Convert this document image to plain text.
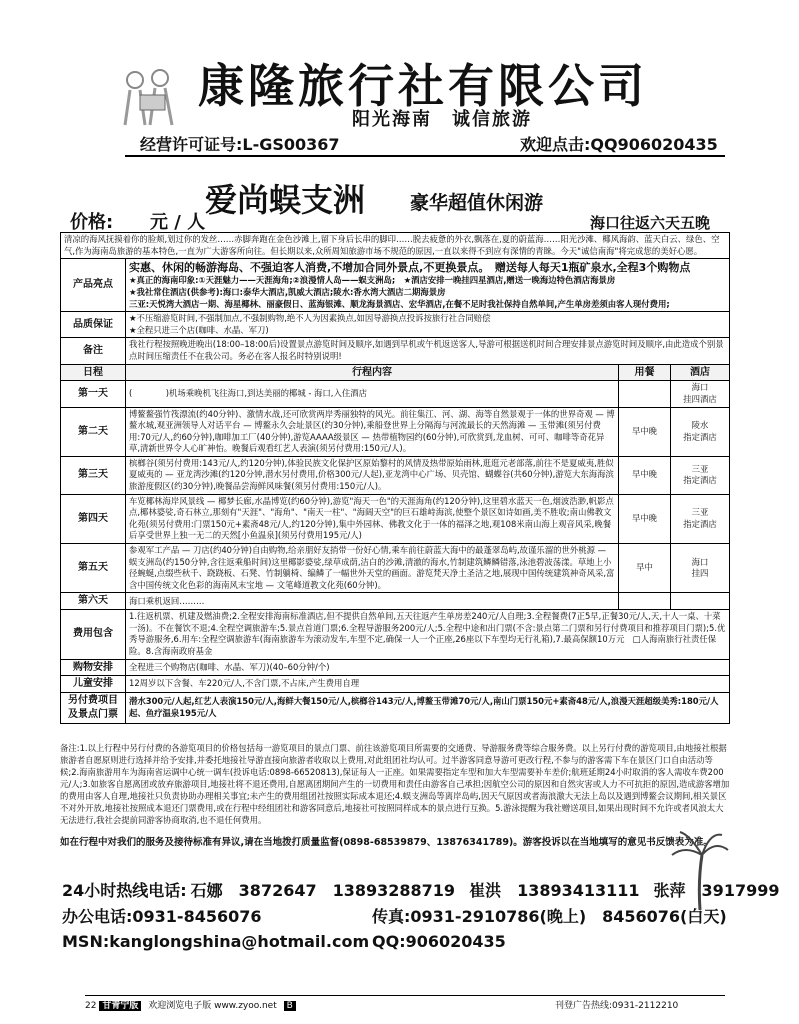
康隆旅行社有限公司
阳光海南　诚信旅游
经营许可证号:L-GS00367	欢迎点击:QQ906020435
爱尚蜈支洲 豪华超值休闲游
价格: 元 / 人	海口往返六天五晚
清凉的海风抚摸着你的脸颊,划过你的发丝……赤脚奔跑在金色沙滩上,留下身后长串的脚印……脱去疲惫的外衣,飘落在,夏的蔚蓝海……阳光沙滩、椰风海韵、蓝天白云、绿色、空气,作为海南岛旅游的基本特色,一直为广大游客所向往。但长期以来,众所周知旅游市场不规范的原因,一直以来得不到应有深情的青睐。今天"诚信南海"将完成您的美好心愿。			
产品亮点	实惠、休闲的畅游海岛、不强迫客人消费,不增加合同外景点,不更换景点。　赠送每人每天1瓶矿泉水,全程3个购物点
★真正的海南印象:①天涯魅力——天涯海角;②浪漫情人岛——蜈支洲岛;　★酒店安排一晚挂四星酒店,赠送一晚海边特色酒店海景房
★我社常住酒店(供参考):海口:泰华大酒店,凯威大酒店;陵水:香水湾大酒店二期海景房
三亚:天悦湾大酒店一期、海星椰林、丽豪假日、蓝海银滩、顺龙海景酒店、宏华酒店,在餐不足时我社保持自然单间,产生单房差须由客人现付费用;		

品质保证	★不压缩游览时间,不强制加点,不强制购物,绝不人为因素换点,如因导游换点投诉按旅行社合同赔偿
★全程只进三个店(咖啡、水晶、军刀)		

备注	我社行程按照晚进晚出(18:00–18:00后)设置景点游览时间及顺序,如遇到早机或午机返送客人,导游可根据送机时间合理安排景点游览时间及顺序,由此造成个别景点时间压缩责任不在我公司。务必在客人报名时特别说明!		
日程	行程内容	用餐	酒店
第一天	(　　　　)机场乘晚机飞往海口,到达美丽的椰城 - 海口,入住酒店		海口
挂四酒店
第二天	博鳌鳌强竹筏漂流(约40分钟)、激情水战,还可欣赏两岸秀丽独特的风光。前往集江、河、湖、海等自然景观于一体的世界奇观 — 博鳌水城,观亚洲领导人对话平台 — 博鳌永久会址景区(约30分钟),乘船登世界上分隔海与河流最长的天然海滩 — 玉带滩(须另付费用:70元/人,约60分钟),咖啡加工厂(40分钟),游览AAAA级景区 — 热带植物园约(60分钟),可欣赏到,龙血树、可可、咖啡等奇花异草,清新世界令人心旷神怡。晚餐后观看红艺人表演(须另付费用:150元/人)。	早中晚	陵水
指定酒店
第三天	槟榔谷(须另付费用:143元/人,约120分钟),体验民族文化保护区原始黎村的风情及热带原始雨林,逛逛元老部落,前往不是夏威夷,胜似夏威夷的 — 亚龙湾沙滩(约120分钟,潜水另付费用,价格300元/人起),亚龙湾中心广场、贝壳馆、蝴蝶谷(共60分钟),游览大东海海滨旅游度假区(约30分钟),晚餐品尝海鲜风味餐(须另付费用:150元/人)。	早中晚	三亚
指定酒店
第四天	车览椰林海岸风景线 — 椰梦长廊,水晶博览(约60分钟),游览"海天一色"的天涯海角(约120分钟),这里碧水蓝天一色,烟波浩渺,帆影点点,椰林婆娑,奇石林立,那刻有"天涯"、"海角"、"南天一柱"、"海阔天空"的巨石雄峙海滨,使整个景区如诗如画,美不胜收;南山佛教文化苑(须另付费用:门票150元+素斋48元/人,约120分钟),集中外园林、佛教文化于一体的福泽之地,观108米南山海上观音风采,晚餐后享受世界上独一无二的天然[小鱼温泉](须另付费用195元/人)	早中晚	三亚
指定酒店
第五天	参观军工产品 — 刀店(约40分钟)自由购物,给亲朋好友捎带一份好心情,乘车前往蔚蓝大海中的最蓬翠岛屿,故谨乐溜的世外桃源 — 蜈支洲岛(约150分钟,含往返乘船时间)这里椰影婆娑,绿草成荫,洁白的沙滩,清澈的海水,竹制建筑鳞鳞错落,泳池碧波荡漾。草地上小径蜿蜒,点缀些秋千、跷跷板、石凳、竹制躺椅、编鳞了一幅世外天堂的画面。游览梵天净土圣洁之地,展现中国传统建筑神奇风采,富含中国传统文化色彩的海南风末宝地 — 文笔峰道教文化苑(60分钟)。	早中	海口
挂四
第六天	海口乘机返回………		
费用包含	1.往返机票、机建及燃油费;2.全程安排海南标准酒店,但不提供自然单间,五天往返产生单房差240元/人自理;3.全程餐费(7正5早,正餐30元/人,天,十人一桌、十菜一汤)。不在餐饮不退;4.全程空调旅游车;5.景点首道门票;6.全程导游服务200元/人;5.全程中途和出门票(不含:景点第二门票和另行付费项目和推荐项目门票);5.优秀导游服务,6.用车:全程空调旅游车(海南旅游车为滚动发车,车型不定,确保一人一个正座,26座以下车型均无行礼箱),7.最高保额10万元　□人海南旅行社责任保险。8.含海南政府基金		
购物安排	全程进三个购物店(咖啡、水晶、军刀)(40–60分钟/个)		
儿童安排	12周岁以下含餐、车220元/人,不含门票,不占床,产生费用自理		
另付费项目及景点门票	潜水300元/人起,红艺人表演150元/人,海鲜大餐150元/人,槟榔谷143元/人,博鳌玉带滩70元/人,南山门票150元+素斋48元/人,浪漫天涯超级美秀:180元/人起、鱼疗温泉195元/人		
备注:1.以上行程中另行付费的各游览项目的价格包括每一游览项目的景点门票、前往该游览项目所需要的交通费、导游服务费等综合服务费。以上另行付费的游览项目,由地接社根据旅游者自愿原则进行选择并给予安排,并委托地接社导游直接向旅游者收取以上费用,对此组团社均认可。过半游客同意导游可更改行程,不参与的游客需下车在景区门口自由活动等候;2.海南旅游用车为海南省运调中心统一调车(投诉电话:0898-66520813),保证每人一正座。如果需要指定车型和加大车型需要补车差价;航班延期24小时取消的客人需收车费200元/人;3.如旅客自愿离团或放弃旅游项目,地接社将不退还费用,自愿离团期间产生的一切费用和责任由游客自己承担;因航空公司的原因和自然灾害或人力不可抗拒的原因,造成游客增加的费用由客人自理,地接社只负责协助办理相关事宜;未产生的费用组团社按照实际成本退还;4.蜈支洲岛等离岸岛屿,因天气原因或者海浪激大无法上岛以及遇到博鳌会议期间,相关景区不对外开放,地接社按照成本退还门票费用,或在行程中经组团社和游客同意后,地接社可按照同样成本的景点进行互换。5.游泳提醒为我社赠送项目,如果出现时间不允许或者风浪太大无法进行,我社会提前同游客协商取消,也不退任何费用。
如在行程中对我们的服务及接待标准有异议,请在当地拨打质量监督(0898-68539879、13876341789)。游客投诉以在当地填写的意见书反馈表为准。
24小时热线电话: 石娜　3872647　13893288719 崔洪　13893413111 张萍　3917999
办公电话:0931-8456076	传真:0931-2910786(晚上)　8456076(白天)
MSN:kanglongshina@hotmail.com QQ:906020435
22 甘青宁版 欢迎浏览电子版 www.zyoo.net B	刊登广告热线:0931-2112210
